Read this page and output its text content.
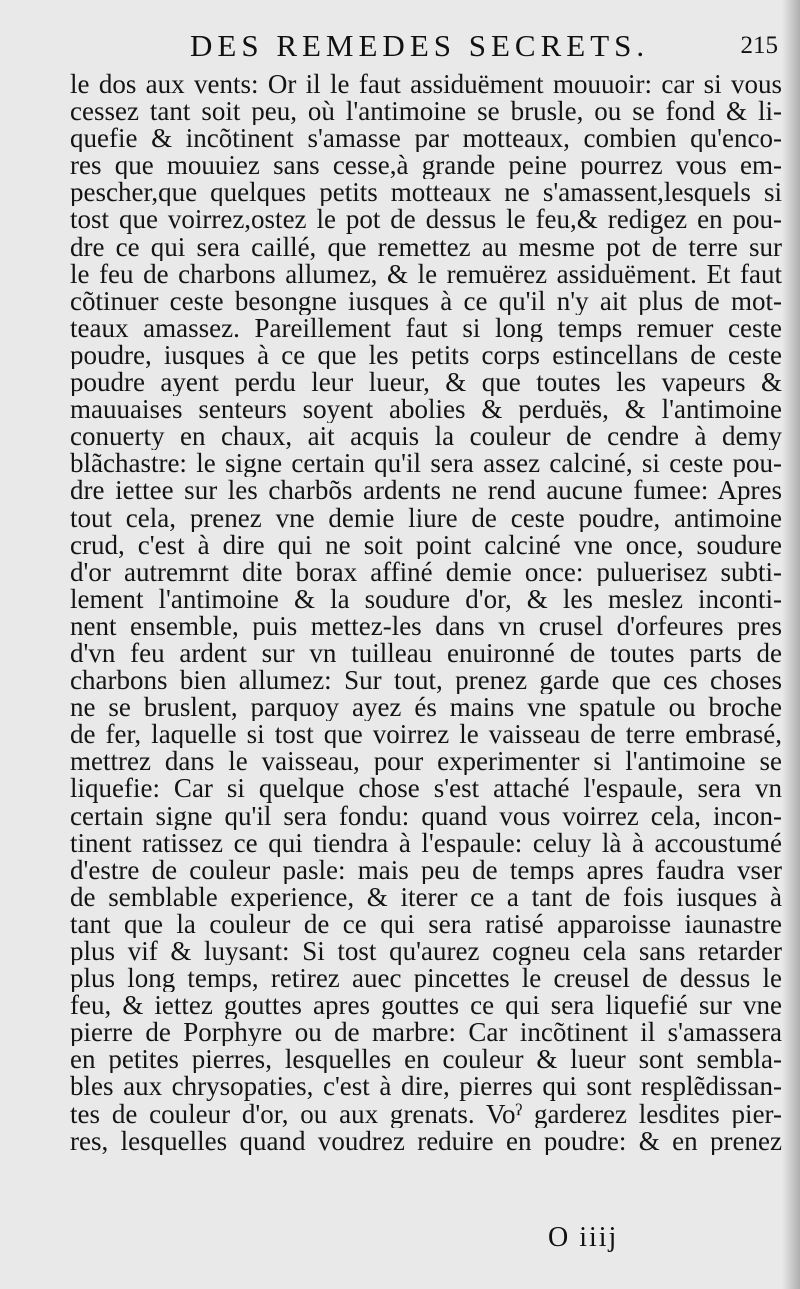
DES REMEDES SECRETS.	215
le dos aux vents: Or il le faut assiduëment mouuoir: car si vous
cessez tant soit peu, où l'antimoine se brusle, ou se fond & li-
quefie & incõtinent s'amasse par motteaux, combien qu'enco-
res que mouuiez sans cesse,à grande peine pourrez vous em-
pescher,que quelques petits motteaux ne s'amassent,lesquels si
tost que voirrez,ostez le pot de dessus le feu,& redigez en pou-
dre ce qui sera caillé, que remettez au mesme pot de terre sur
le feu de charbons allumez, & le remuërez assiduëment. Et faut
cõtinuer ceste besongne iusques à ce qu'il n'y ait plus de mot-
teaux amassez. Pareillement faut si long temps remuer ceste
poudre, iusques à ce que les petits corps estincellans de ceste
poudre ayent perdu leur lueur, & que toutes les vapeurs &
mauuaises senteurs soyent abolies & perduës, & l'antimoine
conuerty en chaux, ait acquis la couleur de cendre à demy
blãchastre: le signe certain qu'il sera assez calciné, si ceste pou-
dre iettee sur les charbõs ardents ne rend aucune fumee: Apres
tout cela, prenez vne demie liure de ceste poudre, antimoine
crud, c'est à dire qui ne soit point calciné vne once, soudure
d'or autremrnt dite borax affiné demie once: puluerisez subti-
lement l'antimoine & la soudure d'or, & les meslez inconti-
nent ensemble, puis mettez-les dans vn crusel d'orfeures pres
d'vn feu ardent sur vn tuilleau enuironné de toutes parts de
charbons bien allumez: Sur tout, prenez garde que ces choses
ne se bruslent, parquoy ayez és mains vne spatule ou broche
de fer, laquelle si tost que voirrez le vaisseau de terre embrasé,
mettrez dans le vaisseau, pour experimenter si l'antimoine se
liquefie: Car si quelque chose s'est attaché l'espaule, sera vn
certain signe qu'il sera fondu: quand vous voirrez cela, incon-
tinent ratissez ce qui tiendra à l'espaule: celuy là à accoustumé
d'estre de couleur pasle: mais peu de temps apres faudra vser
de semblable experience, & iterer ce a tant de fois iusques à
tant que la couleur de ce qui sera ratisé apparoisse iaunastre
plus vif & luysant: Si tost qu'aurez cogneu cela sans retarder
plus long temps, retirez auec pincettes le creusel de dessus le
feu, & iettez gouttes apres gouttes ce qui sera liquefié sur vne
pierre de Porphyre ou de marbre: Car incõtinent il s'amassera
en petites pierres, lesquelles en couleur & lueur sont sembla-
bles aux chrysopaties, c'est à dire, pierres qui sont resplẽdissan-
tes de couleur d'or, ou aux grenats. Voˀ garderez lesdites pier-
res, lesquelles quand voudrez reduire en poudre: & en prenez
O iiij
